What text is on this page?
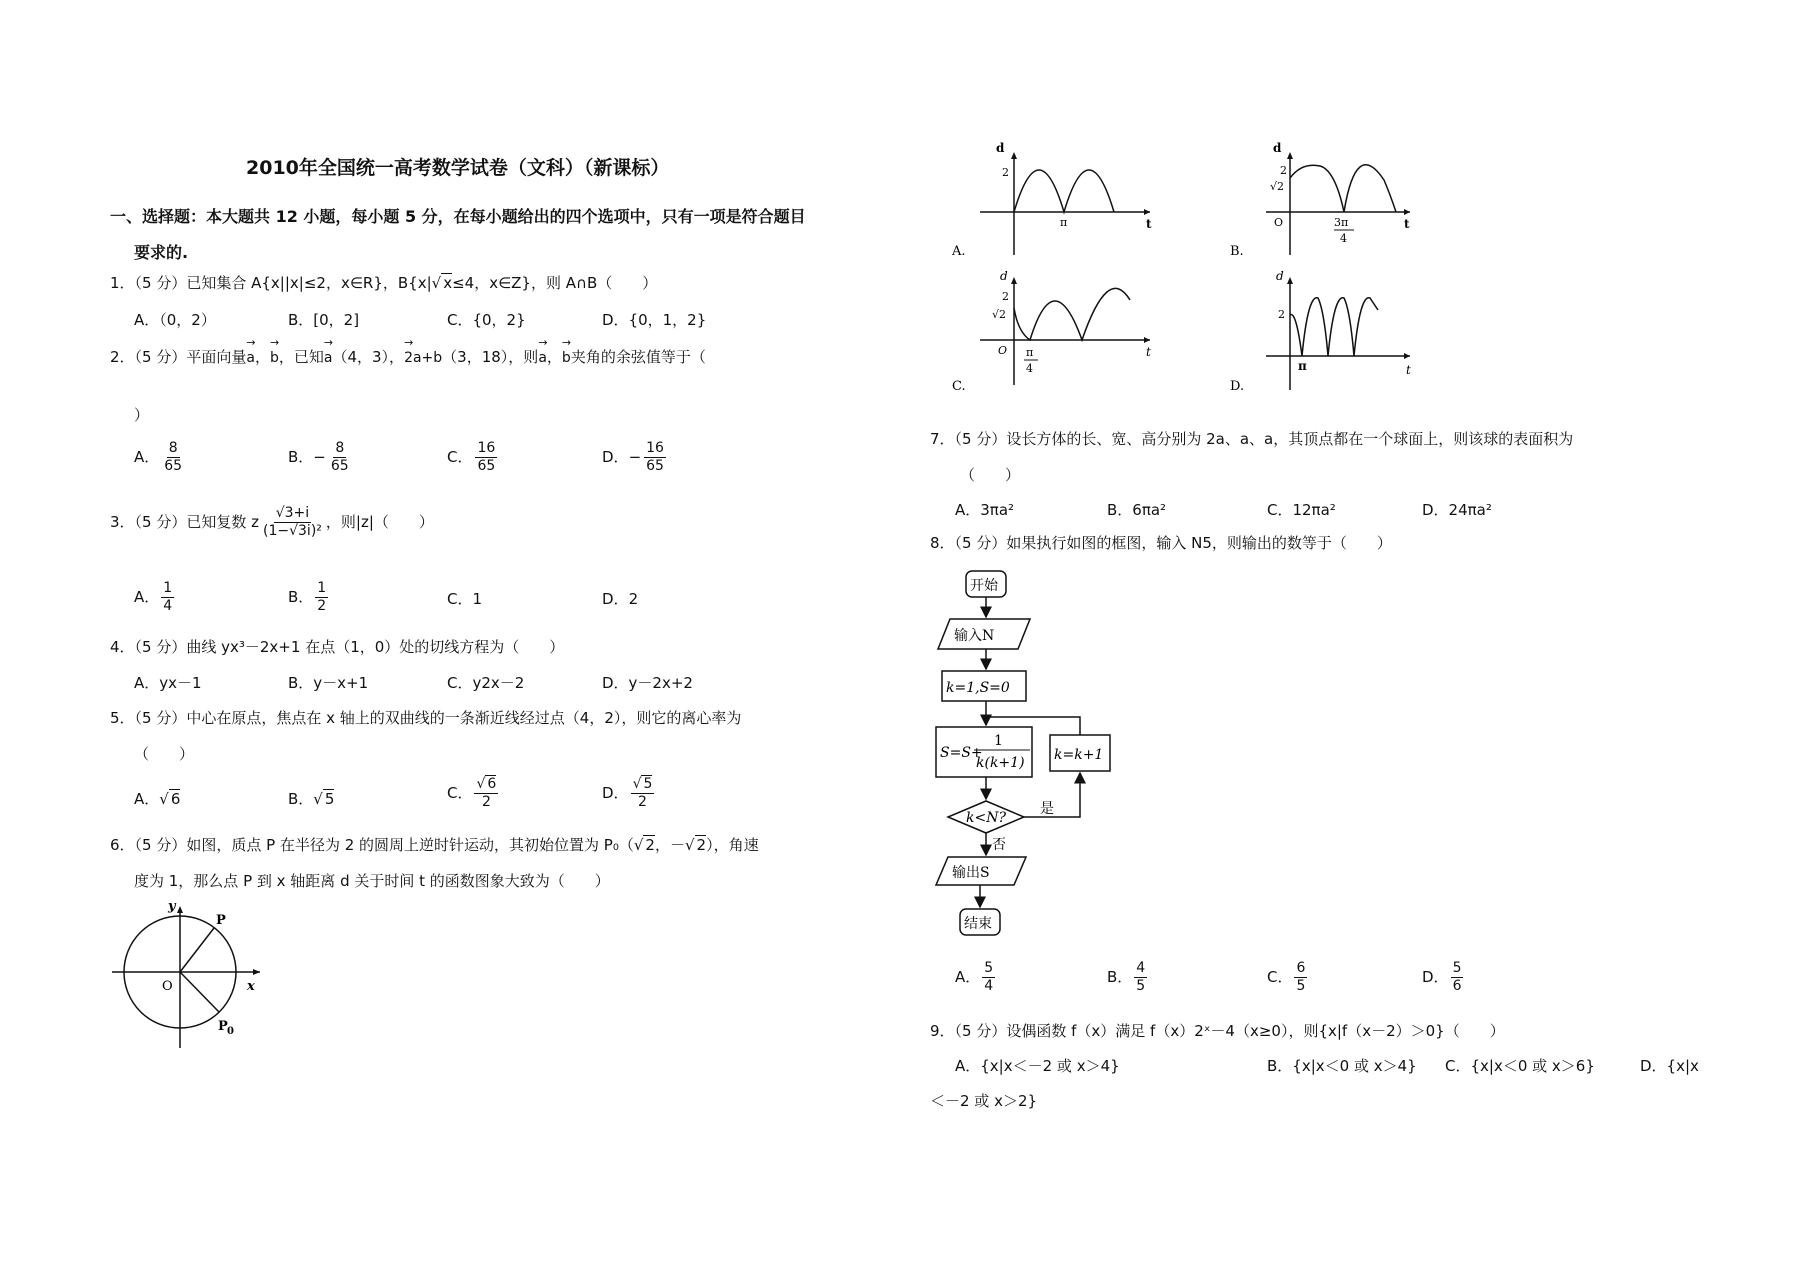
2010年全国统一高考数学试卷（文科）（新课标）
一、选择题：本大题共 12 小题，每小题 5 分，在每小题给出的四个选项中，只有一项是符合题目
要求的.
1．（5 分）已知集合 A{x||x|≤2，x∈R}，B{x|√ x≤4，x∈Z}，则 A∩B（　　）
A．（0，2）	B．[0，2]	C．{0，2}	D．{0，1，2}
2．（5 分）平面向量→ a，→ b，已知→ a（4，3），→ 2a+b（3，18），则→ a，→ b夹角的余弦值等于（
）
A． $\frac{8}{65}$	B．− $\frac{8}{65}$	C． $\frac{16}{65}$	D．− $\frac{16}{65}$
3．（5 分）已知复数 z $\frac{√3+i}{\text{(1−√3i)²}}$ ，则|z|（　　）
A． $\frac{1}{4}$	B． $\frac{1}{2}$	C．1	D．2
4．（5 分）曲线 yx³－2x+1 在点（1，0）处的切线方程为（　　）
A．yx－1	B．y－x+1	C．y2x－2	D．y－2x+2
5．（5 分）中心在原点，焦点在 x 轴上的双曲线的一条渐近线经过点（4，2），则它的离心率为
（　　）
A．√ 6	B．√ 5	C． $\frac{√ 6}{2}$	D． $\frac{√ 5}{2}$
6．（5 分）如图，质点 P 在半径为 2 的圆周上逆时针运动，其初始位置为 P₀（√ 2，－√ 2），角速
度为 1，那么点 P 到 x 轴距离 d 关于时间 t 的函数图象大致为（　　）
y
x
O
P
P 0
d
t
2
π
A.
d
t
2
√2
O	3π
4
B.
d
t
2
√2
O π
4
C.
d
t
2
π
D.
7．（5 分）设长方体的长、宽、高分别为 2a、a、a，其顶点都在一个球面上，则该球的表面积为
（　　）
A．3πa²	B．6πa²	C．12πa²	D．24πa²
8．（5 分）如果执行如图的框图，输入 N5，则输出的数等于（　　）
开始
输入N
k=1,S=0
S=S+
1
k(k+1) k=k+1
k<N?
是
否
输出S
结束
A． $\frac{5}{4}$	B． $\frac{4}{5}$	C． $\frac{6}{5}$	D． $\frac{5}{6}$
9．（5 分）设偶函数 f（x）满足 f（x）2ˣ－4（x≥0），则{x|f（x－2）＞0}（　　）
A．{x|x＜－2 或 x＞4}	B．{x|x＜0 或 x＞4} C．{x|x＜0 或 x＞6}	D．{x|x
＜－2 或 x＞2}
